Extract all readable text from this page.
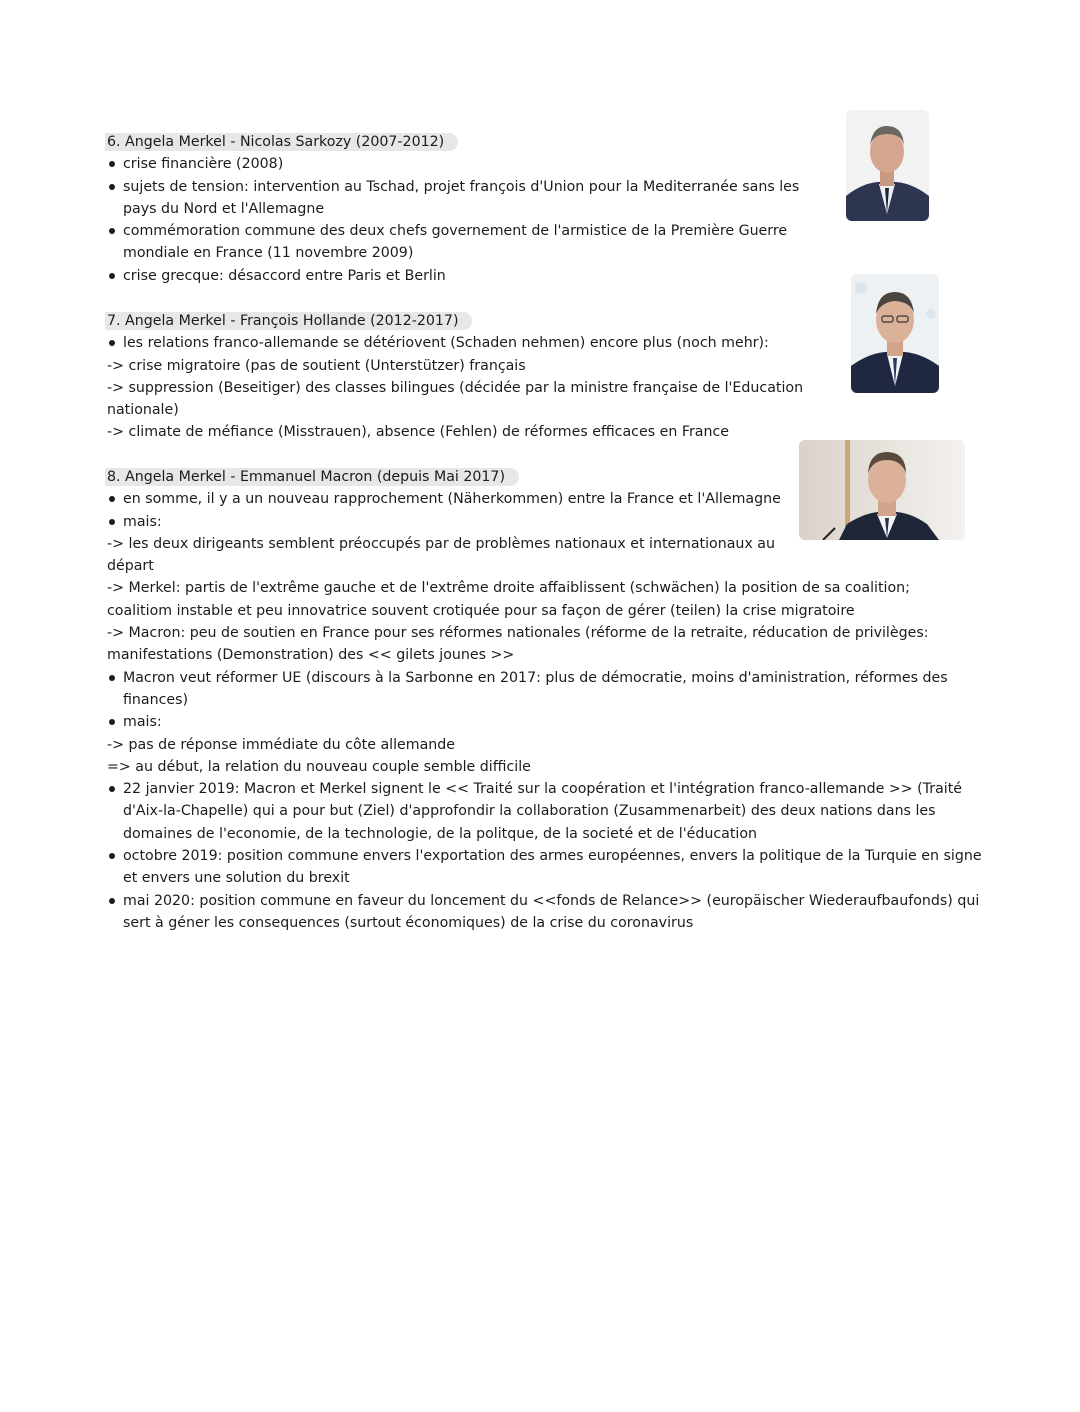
6. Angela Merkel - Nicolas Sarkozy (2007-2012)
crise financière (2008)
sujets de tension: intervention au Tschad, projet françois d'Union pour la Mediterranée sans les
pays du Nord et l'Allemagne
commémoration commune des deux chefs governement de l'armistice de la Première Guerre
mondiale en France (11 novembre 2009)
crise grecque: désaccord entre Paris et Berlin
7. Angela Merkel - François Hollande (2012-2017)
les relations franco-allemande se détériovent (Schaden nehmen) encore plus (noch mehr):
-> crise migratoire (pas de soutient (Unterstützer) français
-> suppression (Beseitiger) des classes bilingues (décidée par la ministre française de l'Education
nationale)
-> climate de méfiance (Misstrauen), absence (Fehlen) de réformes efficaces en France
8. Angela Merkel - Emmanuel Macron (depuis Mai 2017)
en somme, il y a un nouveau rapprochement (Näherkommen) entre la France et l'Allemagne
mais:
-> les deux dirigeants semblent préoccupés par de problèmes nationaux et internationaux au
départ
-> Merkel: partis de l'extrême gauche et de l'extrême droite affaiblissent (schwächen) la position de sa coalition;
coalitiom instable et peu innovatrice souvent crotiquée pour sa façon de gérer (teilen) la crise migratoire
-> Macron: peu de soutien en France pour ses réformes nationales (réforme de la retraite, réducation de privilèges:
manifestations (Demonstration) des << gilets jounes >>
Macron veut réformer UE (discours à la Sarbonne en 2017: plus de démocratie, moins d'aministration, réformes des
finances)
mais:
-> pas de réponse immédiate du côte allemande
=> au début, la relation du nouveau couple semble difficile
22 janvier 2019: Macron et Merkel signent le << Traité sur la coopération et l'intégration franco-allemande >> (Traité
d'Aix-la-Chapelle) qui a pour but (Ziel) d'approfondir la collaboration (Zusammenarbeit) des deux nations dans les
domaines de l'economie, de la technologie, de la politque, de la societé et de l'éducation
octobre 2019: position commune envers l'exportation des armes européennes, envers la politique de la Turquie en signe
et envers une solution du brexit
mai 2020: position commune en faveur du loncement du <<fonds de Relance>> (europäischer Wiederaufbaufonds) qui
sert à géner les consequences (surtout économiques) de la crise du coronavirus
